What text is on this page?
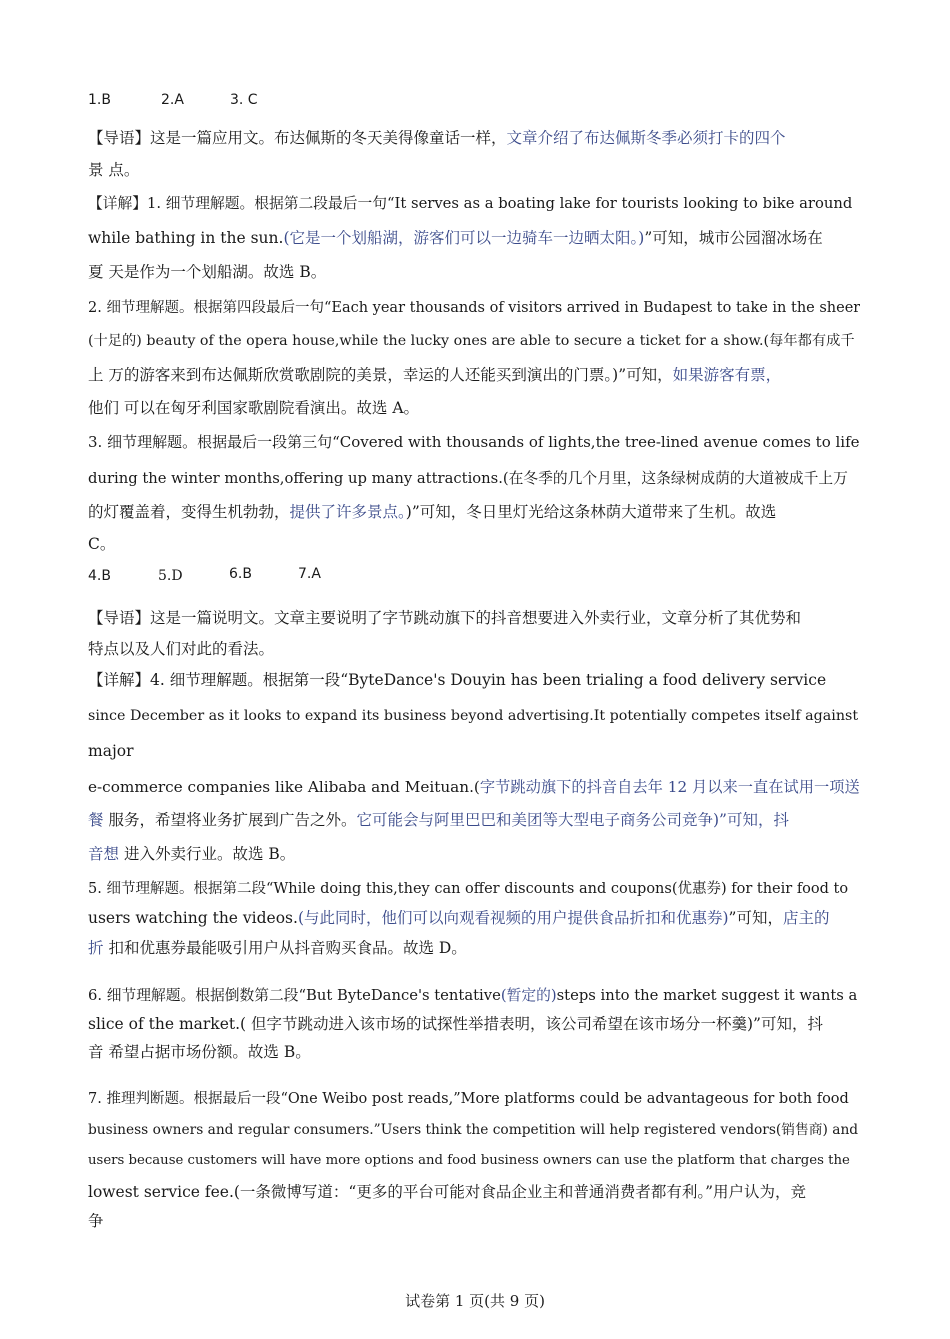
1.B	2.A	3. C
【导语】这是一篇应用文。布达佩斯的冬天美得像童话一样，文章介绍了布达佩斯冬季必须打卡的四个
景 点。
【详解】1. 细节理解题。根据第二段最后一句“It serves as a boating lake for tourists looking to bike around
while bathing in the sun.(它是一个划船湖，游客们可以一边骑车一边晒太阳。)”可知，城市公园溜冰场在
夏 天是作为一个划船湖。故选 B。
2. 细节理解题。根据第四段最后一句“Each year thousands of visitors arrived in Budapest to take in the sheer
(十足的) beauty of the opera house,while the lucky ones are able to secure a ticket for a show.(每年都有成千
上 万的游客来到布达佩斯欣赏歌剧院的美景，幸运的人还能买到演出的门票。)”可知，如果游客有票，
他们 可以在匈牙利国家歌剧院看演出。故选 A。
3. 细节理解题。根据最后一段第三句“Covered with thousands of lights,the tree-lined avenue comes to life
during the winter months,offering up many attractions.(在冬季的几个月里，这条绿树成荫的大道被成千上万
的灯覆盖着，变得生机勃勃，提供了许多景点。)”可知，冬日里灯光给这条林荫大道带来了生机。故选
C。
4.B	5.D	6.B	7.A
【导语】这是一篇说明文。文章主要说明了字节跳动旗下的抖音想要进入外卖行业，文章分析了其优势和
特点以及人们对此的看法。
【详解】4. 细节理解题。根据第一段“ByteDance's Douyin has been trialing a food delivery service
since December as it looks to expand its business beyond advertising.It potentially competes itself against
major
e-commerce companies like Alibaba and Meituan.(字节跳动旗下的抖音自去年 12 月以来一直在试用一项送
餐 服务，希望将业务扩展到广告之外。它可能会与阿里巴巴和美团等大型电子商务公司竞争)”可知，抖
音想 进入外卖行业。故选 B。
5. 细节理解题。根据第二段“While doing this,they can offer discounts and coupons(优惠券) for their food to
users watching the videos.(与此同时，他们可以向观看视频的用户提供食品折扣和优惠券)”可知，店主的
折 扣和优惠券最能吸引用户从抖音购买食品。故选 D。
6. 细节理解题。根据倒数第二段“But ByteDance's tentative(暂定的)steps into the market suggest it wants a
slice of the market.( 但字节跳动进入该市场的试探性举措表明，该公司希望在该市场分一杯羹)”可知，抖
音 希望占据市场份额。故选 B。
7. 推理判断题。根据最后一段“One Weibo post reads,”More platforms could be advantageous for both food
business owners and regular consumers.”Users think the competition will help registered vendors(销售商) and
users because customers will have more options and food business owners can use the platform that charges the
lowest service fee.(一条微博写道：“更多的平台可能对食品企业主和普通消费者都有利。”用户认为，竞
争
试卷第 1 页(共 9 页)
